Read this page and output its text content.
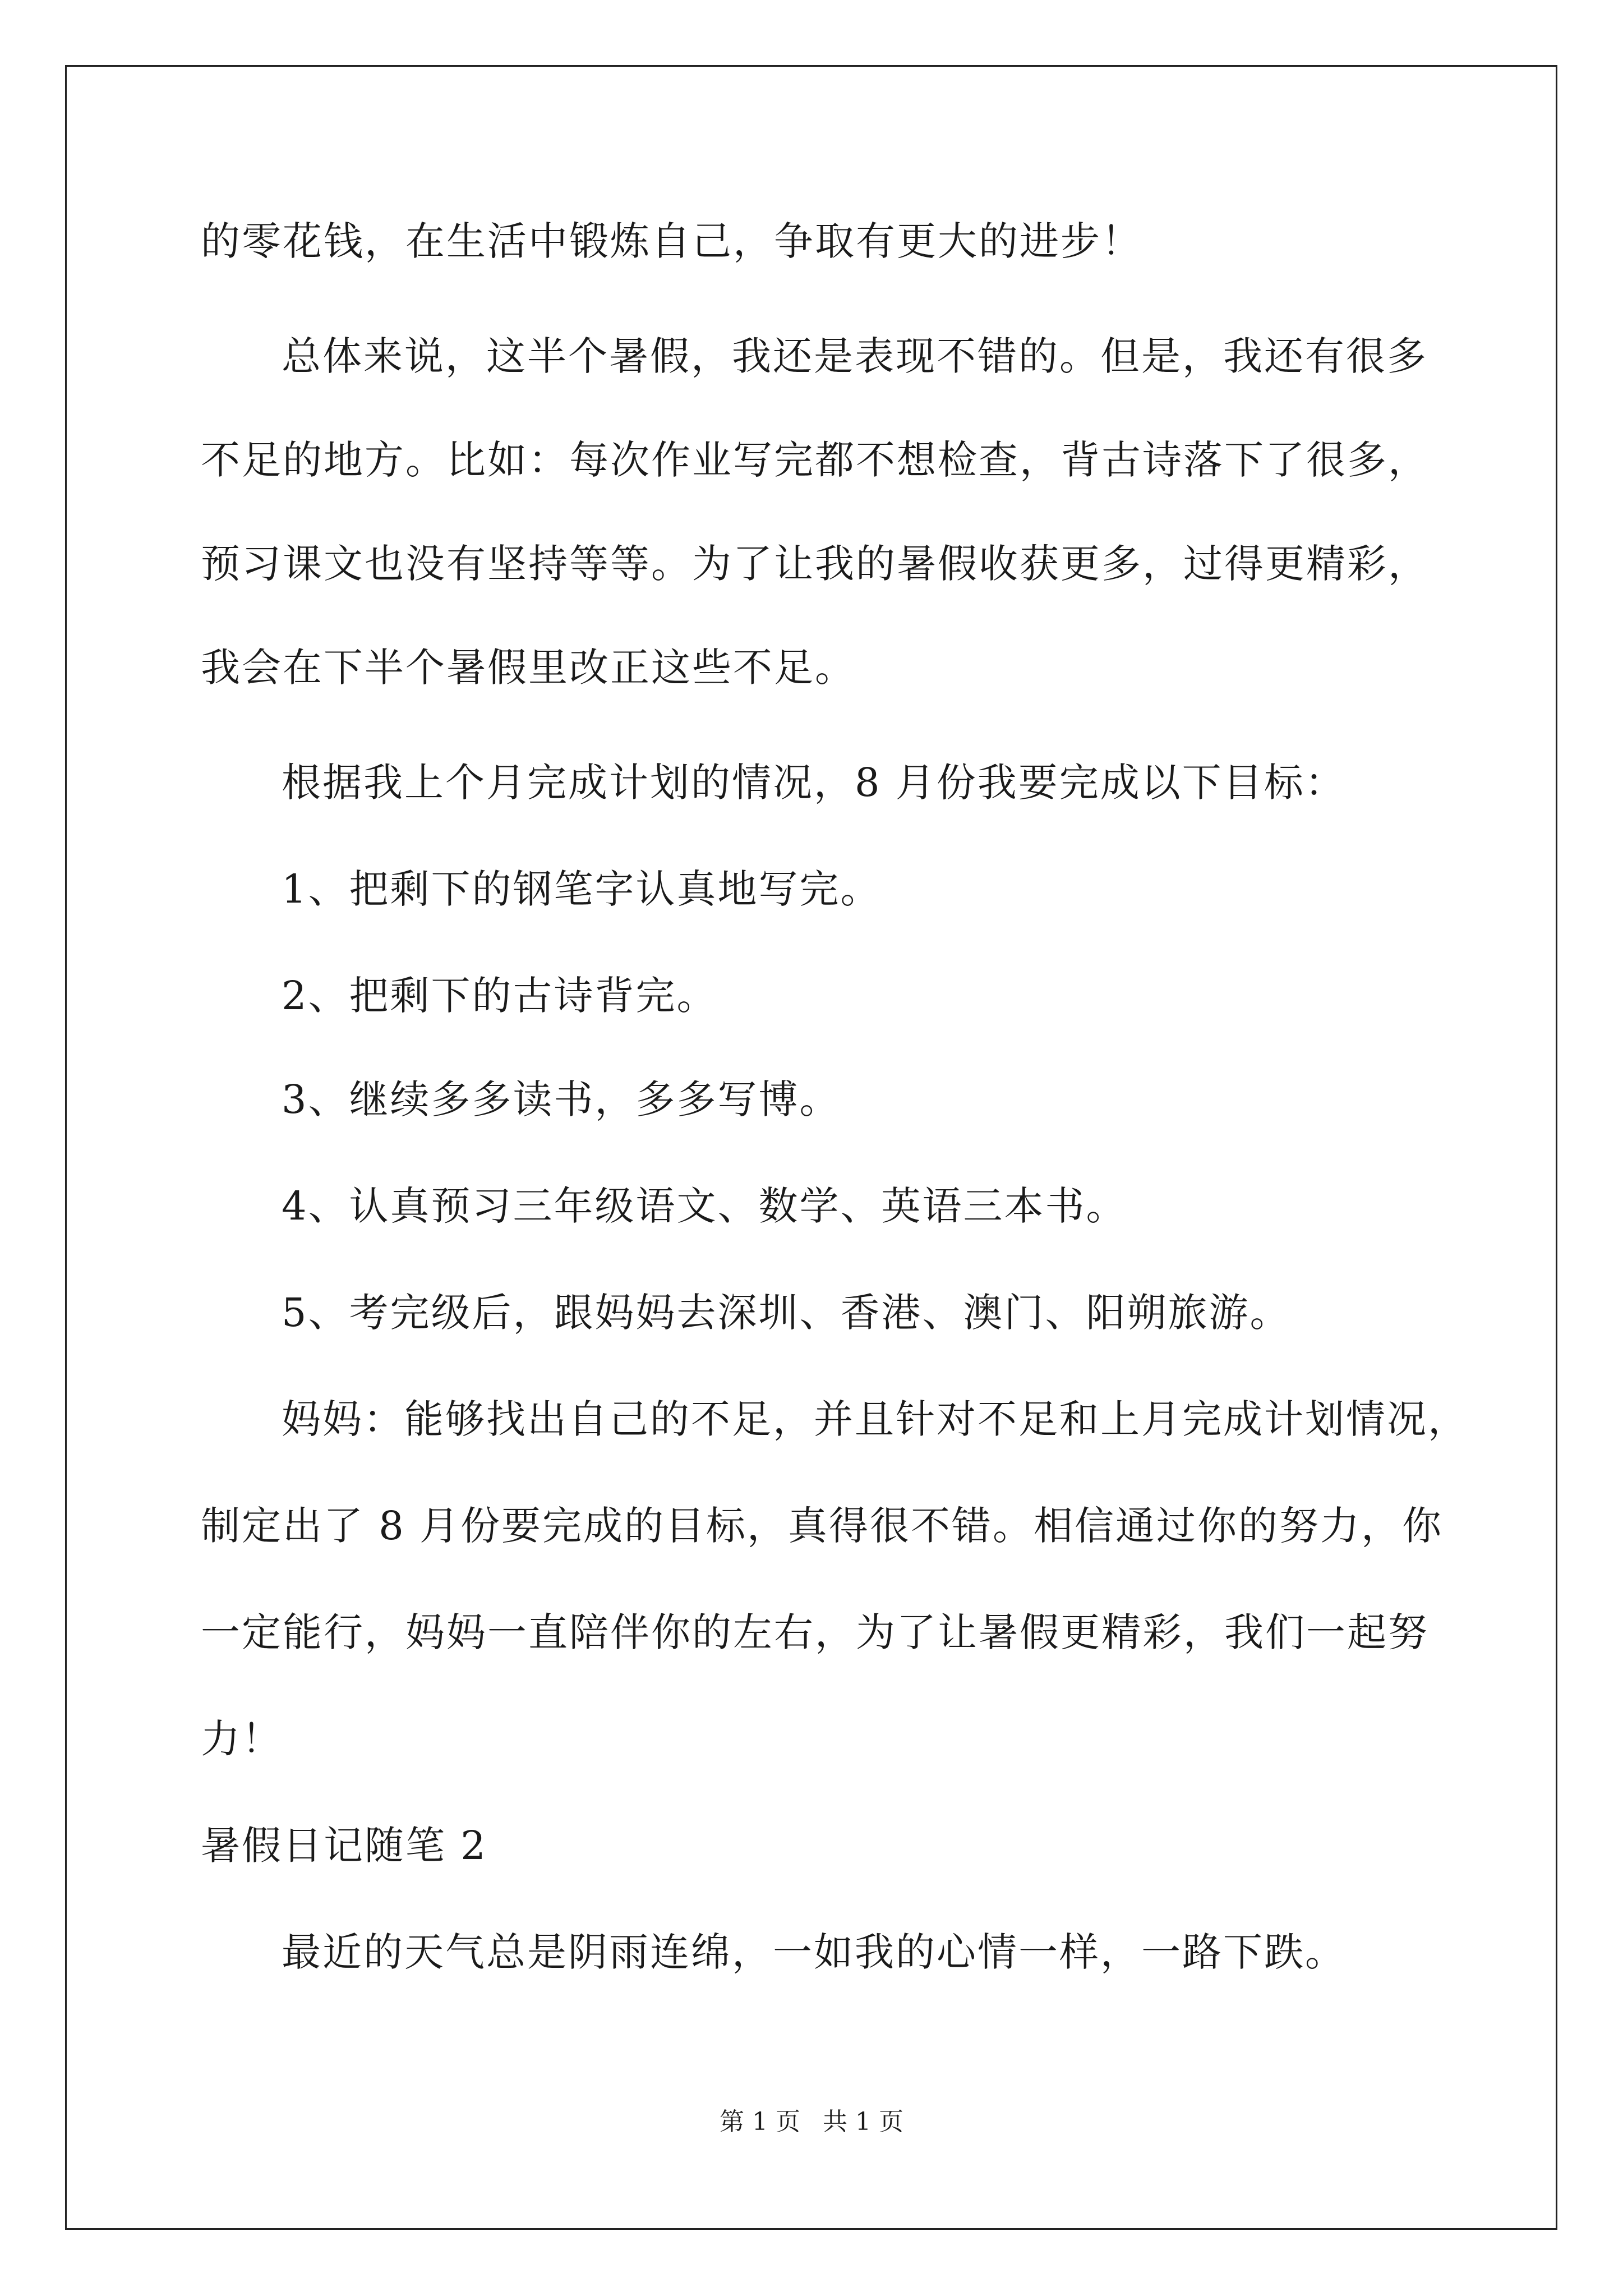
的零花钱，在生活中锻炼自己，争取有更大的进步！
总体来说，这半个暑假，我还是表现不错的。但是，我还有很多
不足的地方。比如：每次作业写完都不想检查，背古诗落下了很多，
预习课文也没有坚持等等。为了让我的暑假收获更多，过得更精彩，
我会在下半个暑假里改正这些不足。
根据我上个月完成计划的情况，8 月份我要完成以下目标：
1、把剩下的钢笔字认真地写完。
2、把剩下的古诗背完。
3、继续多多读书，多多写博。
4、认真预习三年级语文、数学、英语三本书。
5、考完级后，跟妈妈去深圳、香港、澳门、阳朔旅游。
妈妈：能够找出自己的不足，并且针对不足和上月完成计划情况，
制定出了 8 月份要完成的目标，真得很不错。相信通过你的努力，你
一定能行，妈妈一直陪伴你的左右，为了让暑假更精彩，我们一起努
力！
暑假日记随笔 2
最近的天气总是阴雨连绵，一如我的心情一样，一路下跌。
第 1 页 共 1 页
